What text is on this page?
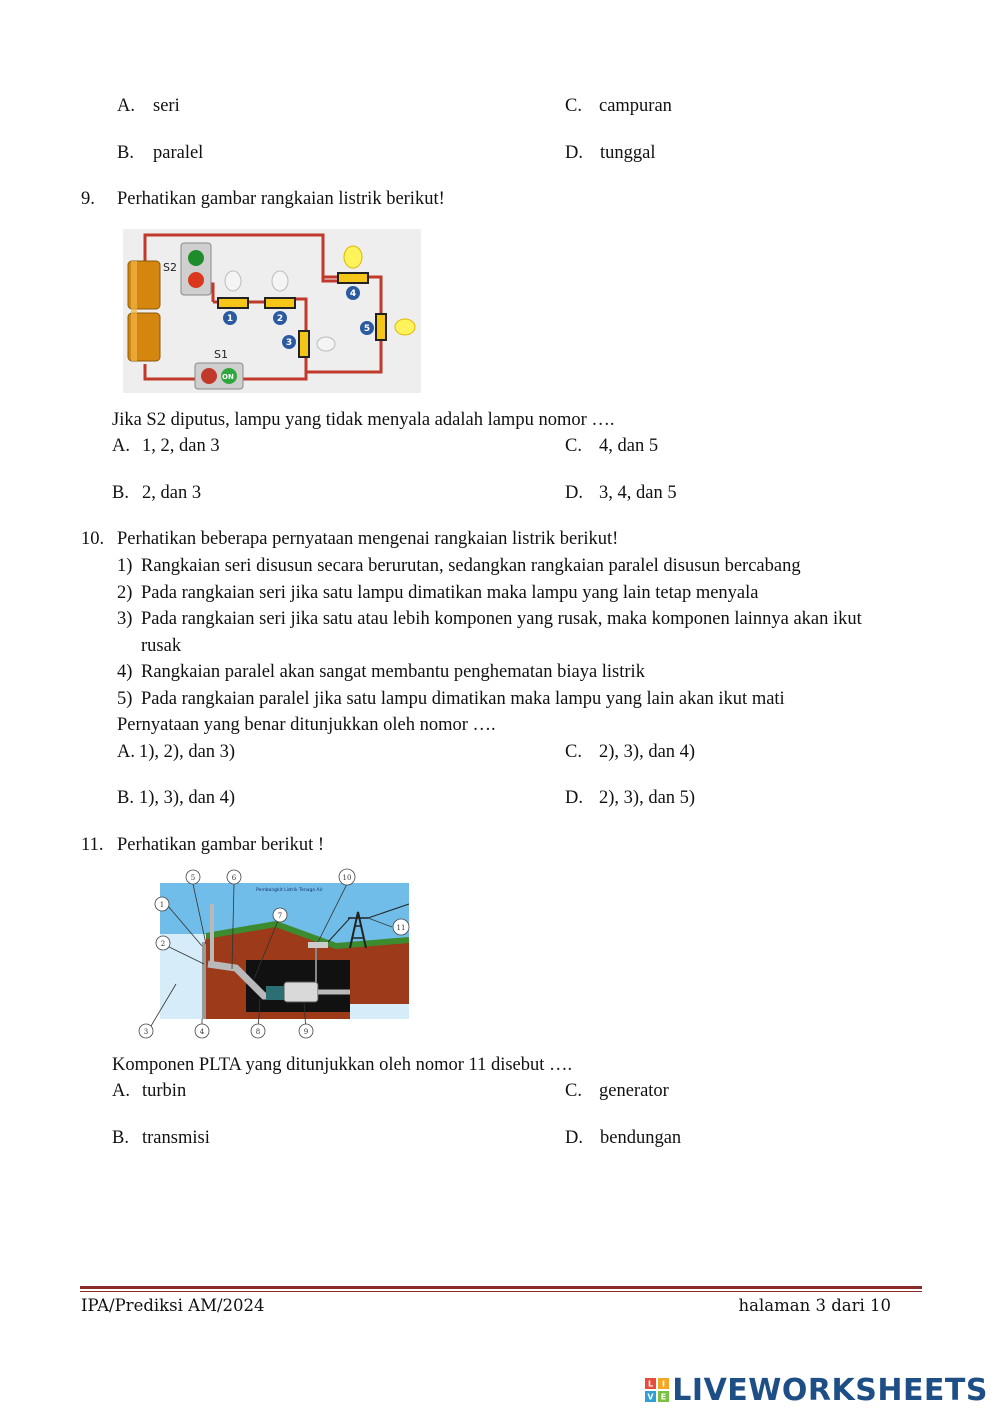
A. seri	C. campuran
B. paralel	D. tunggal
9. Perhatikan gambar rangkaian listrik berikut!
S2
ON
S1
1	2
3
4
5
Jika S2 diputus, lampu yang tidak menyala adalah lampu nomor ….
A. 1, 2, dan 3	C. 4, dan 5
B. 2, dan 3	D. 3, 4, dan 5
10. Perhatikan beberapa pernyataan mengenai rangkaian listrik berikut!
1) Rangkaian seri disusun secara berurutan, sedangkan rangkaian paralel disusun bercabang
2) Pada rangkaian seri jika satu lampu dimatikan maka lampu yang lain tetap menyala
3) Pada rangkaian seri jika satu atau lebih komponen yang rusak, maka komponen lainnya akan ikut
rusak
4) Rangkaian paralel akan sangat membantu penghematan biaya listrik
5) Pada rangkaian paralel jika satu lampu dimatikan maka lampu yang lain akan ikut mati
Pernyataan yang benar ditunjukkan oleh nomor ….
A. 1), 2), dan 3)	C. 2), 3), dan 4)
B. 1), 3), dan 4)	D. 2), 3), dan 5)
11. Perhatikan gambar berikut !
Pembangkit Listrik Tenaga Air
1
2
3	4
5	6
7
8	9
10
11
Komponen PLTA yang ditunjukkan oleh nomor 11 disebut ….
A. turbin	C. generator
B. transmisi	D. bendungan
IPA/Prediksi AM/2024	halaman 3 dari 10
L I
V E LIVEWORKSHEETS
